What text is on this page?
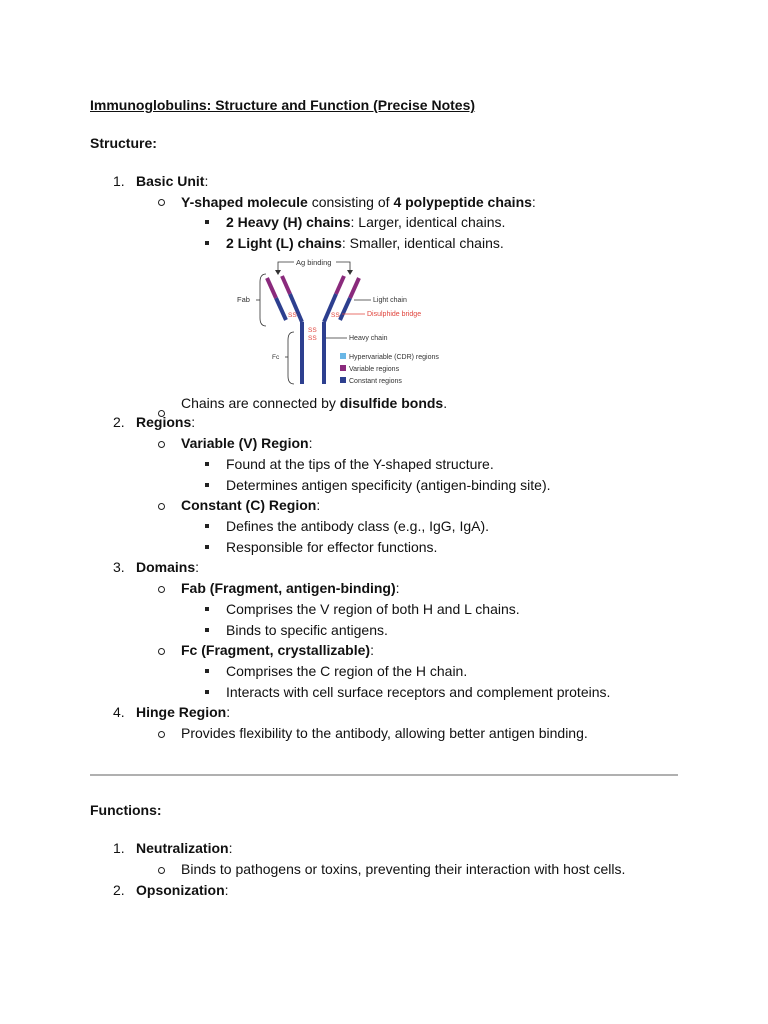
Immunoglobulins: Structure and Function (Precise Notes)
Structure:
1. Basic Unit:
Y-shaped molecule consisting of 4 polypeptide chains:
2 Heavy (H) chains: Larger, identical chains.
2 Light (L) chains: Smaller, identical chains.
Ag binding
Fab
Fc
SS	SS
SS
SS
Light chain
Disulphide bridge
Heavy chain
Hypervariable (CDR) regions
Variable regions
Constant regions
Chains are connected by disulfide bonds.
2. Regions:
Variable (V) Region:
Found at the tips of the Y-shaped structure.
Determines antigen specificity (antigen-binding site).
Constant (C) Region:
Defines the antibody class (e.g., IgG, IgA).
Responsible for effector functions.
3. Domains:
Fab (Fragment, antigen-binding):
Comprises the V region of both H and L chains.
Binds to specific antigens.
Fc (Fragment, crystallizable):
Comprises the C region of the H chain.
Interacts with cell surface receptors and complement proteins.
4. Hinge Region:
Provides flexibility to the antibody, allowing better antigen binding.
Functions:
1. Neutralization:
Binds to pathogens or toxins, preventing their interaction with host cells.
2. Opsonization:
